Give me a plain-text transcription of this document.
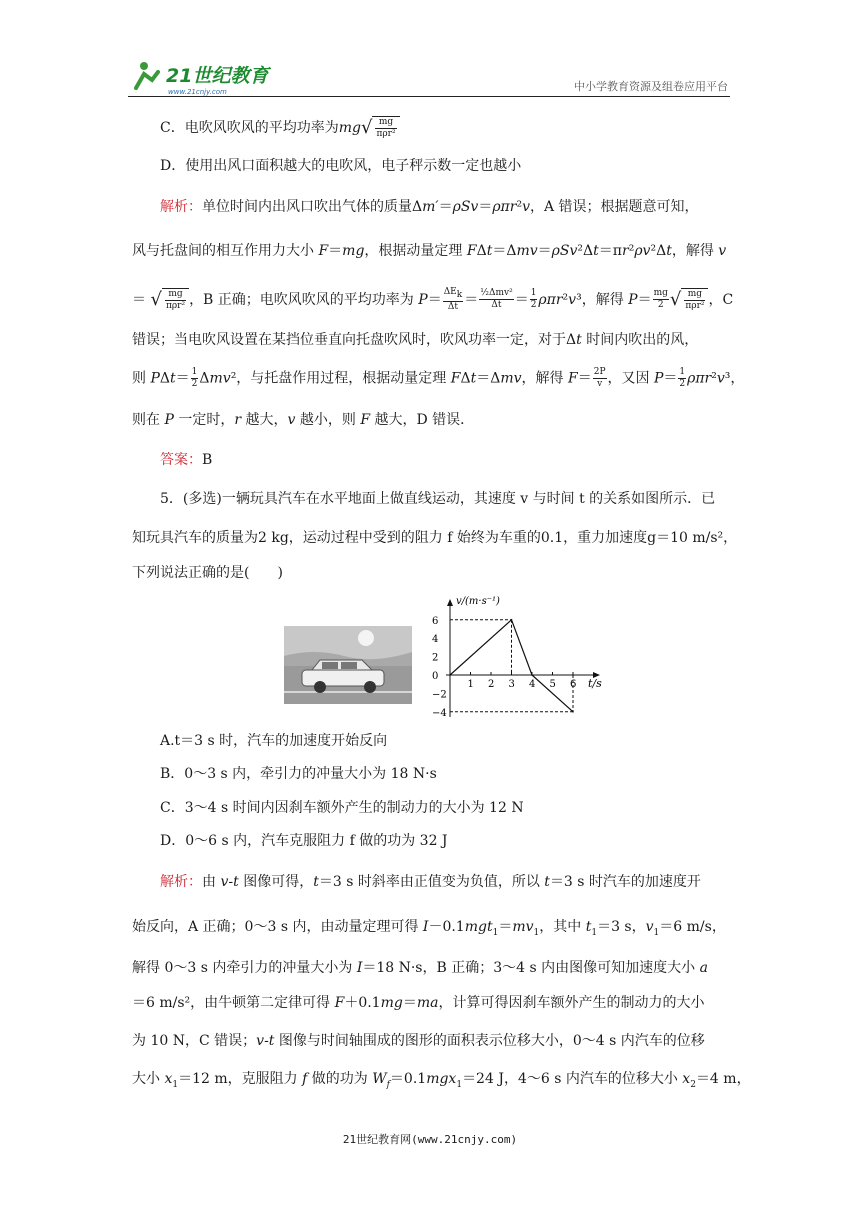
21世纪教育
www.21cnjy.com	中小学教育资源及组卷应用平台
C．电吹风吹风的平均功率为$mg√ \frac{mg}{\text{πρr²}}$
D．使用出风口面积越大的电吹风，电子秤示数一定也越小
解析：单位时间内出风口吹出气体的质量Δm′＝ρSv＝ρπr²v，A 错误；根据题意可知，
风与托盘间的相互作用力大小 F＝mg，根据动量定理 FΔt＝Δmv＝ρSv²Δt＝πr²ρv²Δt，解得 v
＝ √ $\frac{mg}{\text{πρr²}}$ ，B 正确；电吹风吹风的平均功率为 $P= \frac{\Delta E_k}{\Delta t} = \frac{\text{½Δmv²}}{\Delta t} = \frac{1}{2} \rho\pi r^2v^3$，解得 $P= \frac{mg}{2}$ √ $\frac{mg}{\text{πρr²}}$ ，C
错误；当电吹风设置在某挡位垂直向托盘吹风时，吹风功率一定，对于Δt 时间内吹出的风，
则 $P\Delta t= \frac{1}{2} \Delta mv^2$，与托盘作用过程，根据动量定理 FΔt＝Δmv，解得 $F= \frac{2P}{v}$ ，又因 $P= \frac{1}{2} \rho\pi r^2v^3$，
则在 P 一定时，r 越大，v 越小，则 F 越大，D 错误．
答案：B
5．(多选)一辆玩具汽车在水平地面上做直线运动，其速度 v 与时间 t 的关系如图所示．已
知玩具汽车的质量为2 kg，运动过程中受到的阻力 f 始终为车重的0.1，重力加速度g＝10 m/s²，
下列说法正确的是(　　)
1 2 3 4 5 6
6
4
2
0
−2
−4
v/(m·s⁻¹)
t/s
A.t＝3 s 时，汽车的加速度开始反向
B．0～3 s 内，牵引力的冲量大小为 18 N·s
C．3～4 s 时间内因刹车额外产生的制动力的大小为 12 N
D．0～6 s 内，汽车克服阻力 f 做的功为 32 J
解析：由 v-t 图像可得，t＝3 s 时斜率由正值变为负值，所以 t＝3 s 时汽车的加速度开
始反向，A 正确；0～3 s 内，由动量定理可得 $I-0.1mgt_1=mv_1$，其中 $t_1=3$ s，$v_1=6$ m/s，
解得 0～3 s 内牵引力的冲量大小为 I＝18 N·s，B 正确；3～4 s 内由图像可知加速度大小 a
＝6 m/s²，由牛顿第二定律可得 F＋0.1mg＝ma，计算可得因刹车额外产生的制动力的大小
为 10 N，C 错误；v-t 图像与时间轴围成的图形的面积表示位移大小，0～4 s 内汽车的位移
大小 $x_1=12$ m，克服阻力 f 做的功为 $W_f=0.1mgx_1=24$ J，4～6 s 内汽车的位移大小 $x_2=4$ m，
21世纪教育网(www.21cnjy.com)
